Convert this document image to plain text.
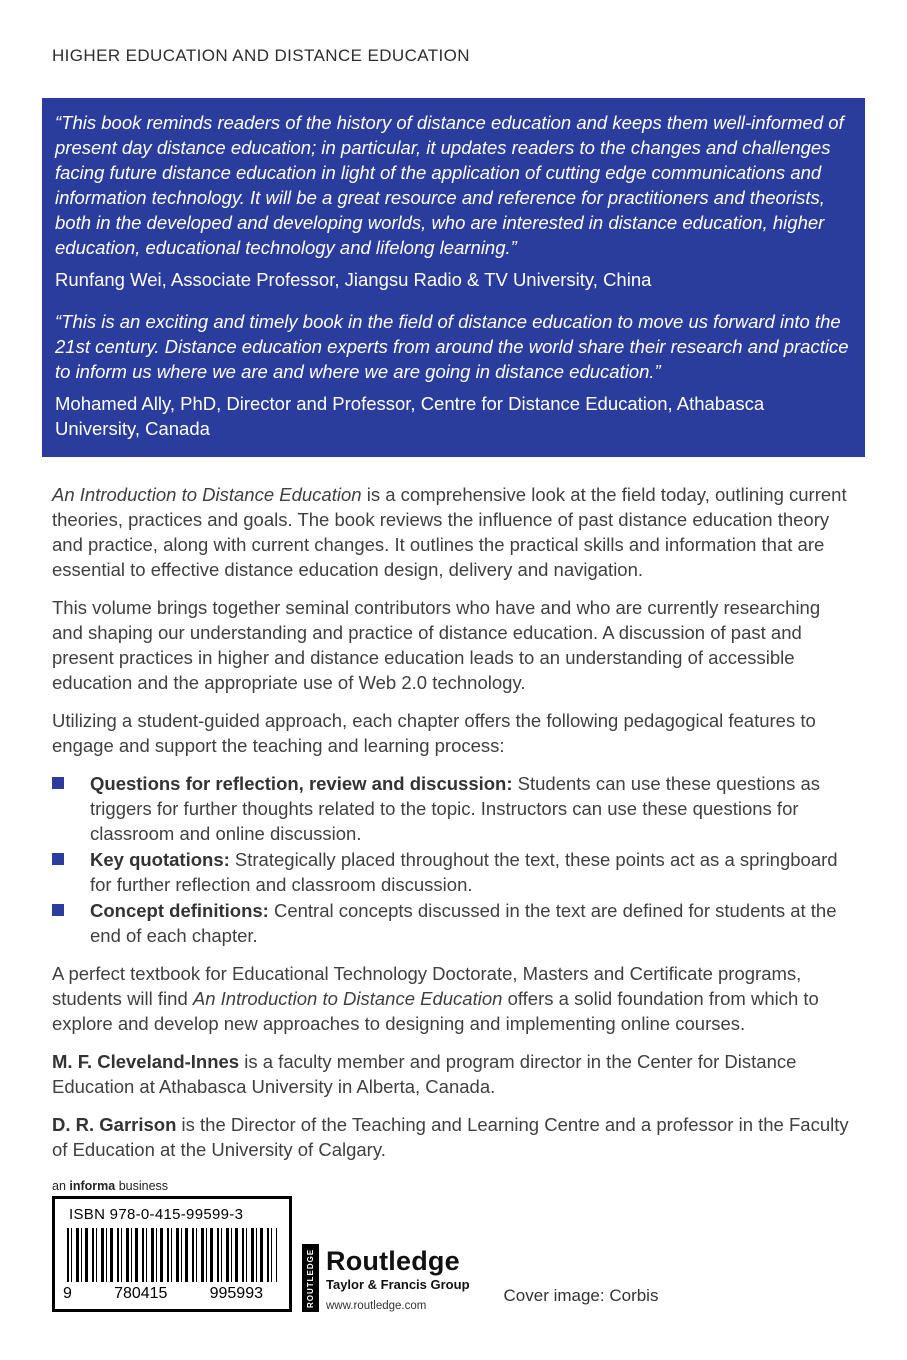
HIGHER EDUCATION AND DISTANCE EDUCATION

“This book reminds readers of the history of distance education and keeps them well-informed of present day distance education; in particular, it updates readers to the changes and challenges facing future distance education in light of the application of cutting edge communications and information technology. It will be a great resource and reference for practitioners and theorists, both in the developed and developing worlds, who are interested in distance education, higher education, educational technology and lifelong learning.”

Runfang Wei, Associate Professor, Jiangsu Radio & TV University, China

“This is an exciting and timely book in the field of distance education to move us forward into the 21st century. Distance education experts from around the world share their research and practice to inform us where we are and where we are going in distance education.”

Mohamed Ally, PhD, Director and Professor, Centre for Distance Education, Athabasca University, Canada

An Introduction to Distance Education is a comprehensive look at the field today, outlining current theories, practices and goals. The book reviews the influence of past distance education theory and practice, along with current changes. It outlines the practical skills and information that are essential to effective distance education design, delivery and navigation.

This volume brings together seminal contributors who have and who are currently researching and shaping our understanding and practice of distance education. A discussion of past and present practices in higher and distance education leads to an understanding of accessible education and the appropriate use of Web 2.0 technology.

Utilizing a student-guided approach, each chapter offers the following pedagogical features to engage and support the teaching and learning process:

Questions for reflection, review and discussion: Students can use these questions as triggers for further thoughts related to the topic. Instructors can use these questions for classroom and online discussion.
Key quotations: Strategically placed throughout the text, these points act as a springboard for further reflection and classroom discussion.
Concept definitions: Central concepts discussed in the text are defined for students at the end of each chapter.

A perfect textbook for Educational Technology Doctorate, Masters and Certificate programs, students will find An Introduction to Distance Education offers a solid foundation from which to explore and develop new approaches to designing and implementing online courses.

M. F. Cleveland-Innes is a faculty member and program director in the Center for Distance Education at Athabasca University in Alberta, Canada.

D. R. Garrison is the Director of the Teaching and Learning Centre and a professor in the Faculty of Education at the University of Calgary.

an informa business
ISBN 978-0-415-99599-3
9	780415	995993	ROUTLEDGE Routledge
Taylor & Francis Group
www.routledge.com
Cover image: Corbis
